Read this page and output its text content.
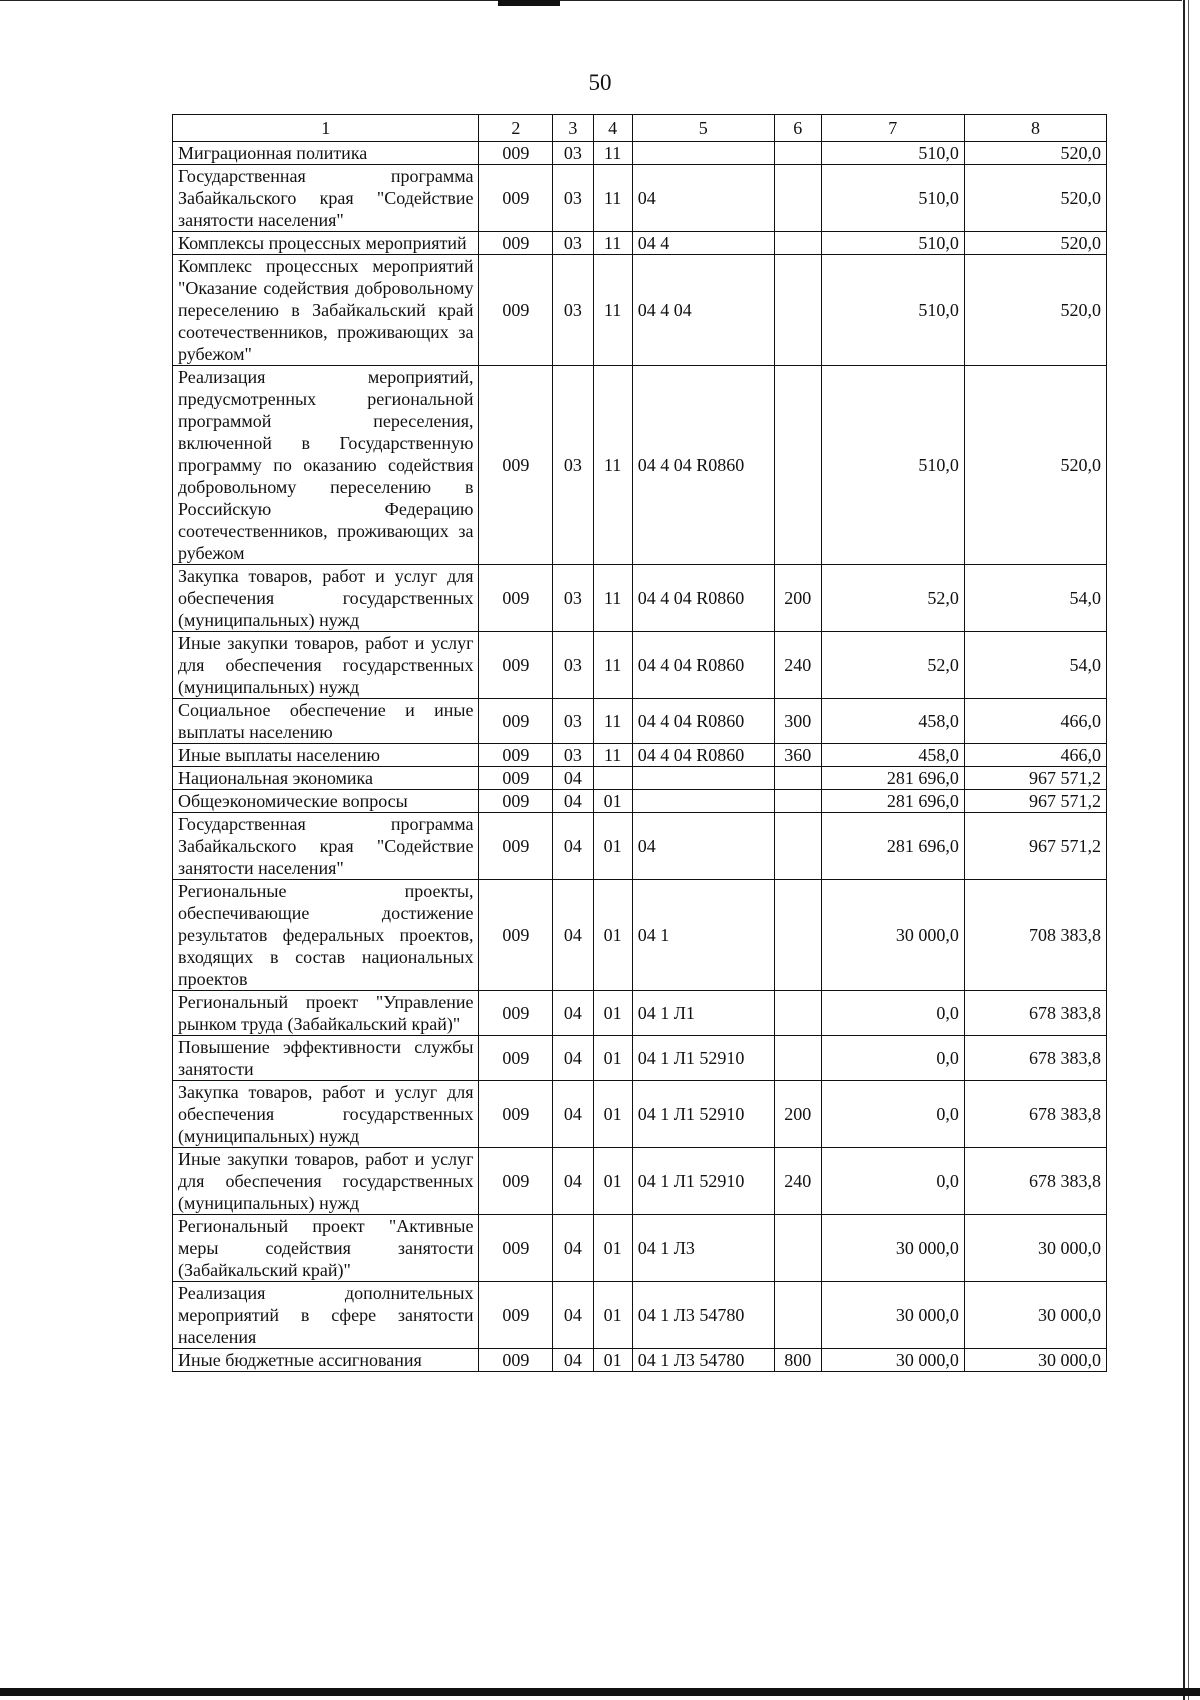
50
1	2	3	4	5	6	7	8
Миграционная политика	009	03	11			510,0	520,0
Государственная программа Забайкальского края "Содействие занятости населения"	009	03	11	04		510,0	520,0
Комплексы процессных мероприятий	009	03	11	04 4		510,0	520,0
Комплекс процессных мероприятий "Оказание содействия добровольному переселению в Забайкальский край соотечественников, проживающих за рубежом"	009	03	11	04 4 04		510,0	520,0
Реализация мероприятий, предусмотренных региональной программой переселения, включенной в Государственную программу по оказанию содействия добровольному переселению в Российскую Федерацию соотечественников, проживающих за рубежом	009	03	11	04 4 04 R0860		510,0	520,0
Закупка товаров, работ и услуг для обеспечения государственных (муниципальных) нужд	009	03	11	04 4 04 R0860	200	52,0	54,0
Иные закупки товаров, работ и услуг для обеспечения государственных (муниципальных) нужд	009	03	11	04 4 04 R0860	240	52,0	54,0
Социальное обеспечение и иные выплаты населению	009	03	11	04 4 04 R0860	300	458,0	466,0
Иные выплаты населению	009	03	11	04 4 04 R0860	360	458,0	466,0
Национальная экономика	009	04				281 696,0	967 571,2
Общеэкономические вопросы	009	04	01			281 696,0	967 571,2
Государственная программа Забайкальского края "Содействие занятости населения"	009	04	01	04		281 696,0	967 571,2
Региональные проекты, обеспечивающие достижение результатов федеральных проектов, входящих в состав национальных проектов	009	04	01	04 1		30 000,0	708 383,8
Региональный проект "Управление рынком труда (Забайкальский край)"	009	04	01	04 1 Л1		0,0	678 383,8
Повышение эффективности службы занятости	009	04	01	04 1 Л1 52910		0,0	678 383,8
Закупка товаров, работ и услуг для обеспечения государственных (муниципальных) нужд	009	04	01	04 1 Л1 52910	200	0,0	678 383,8
Иные закупки товаров, работ и услуг для обеспечения государственных (муниципальных) нужд	009	04	01	04 1 Л1 52910	240	0,0	678 383,8
Региональный проект "Активные меры содействия занятости (Забайкальский край)"	009	04	01	04 1 Л3		30 000,0	30 000,0
Реализация дополнительных мероприятий в сфере занятости населения	009	04	01	04 1 Л3 54780		30 000,0	30 000,0
Иные бюджетные ассигнования	009	04	01	04 1 Л3 54780	800	30 000,0	30 000,0
